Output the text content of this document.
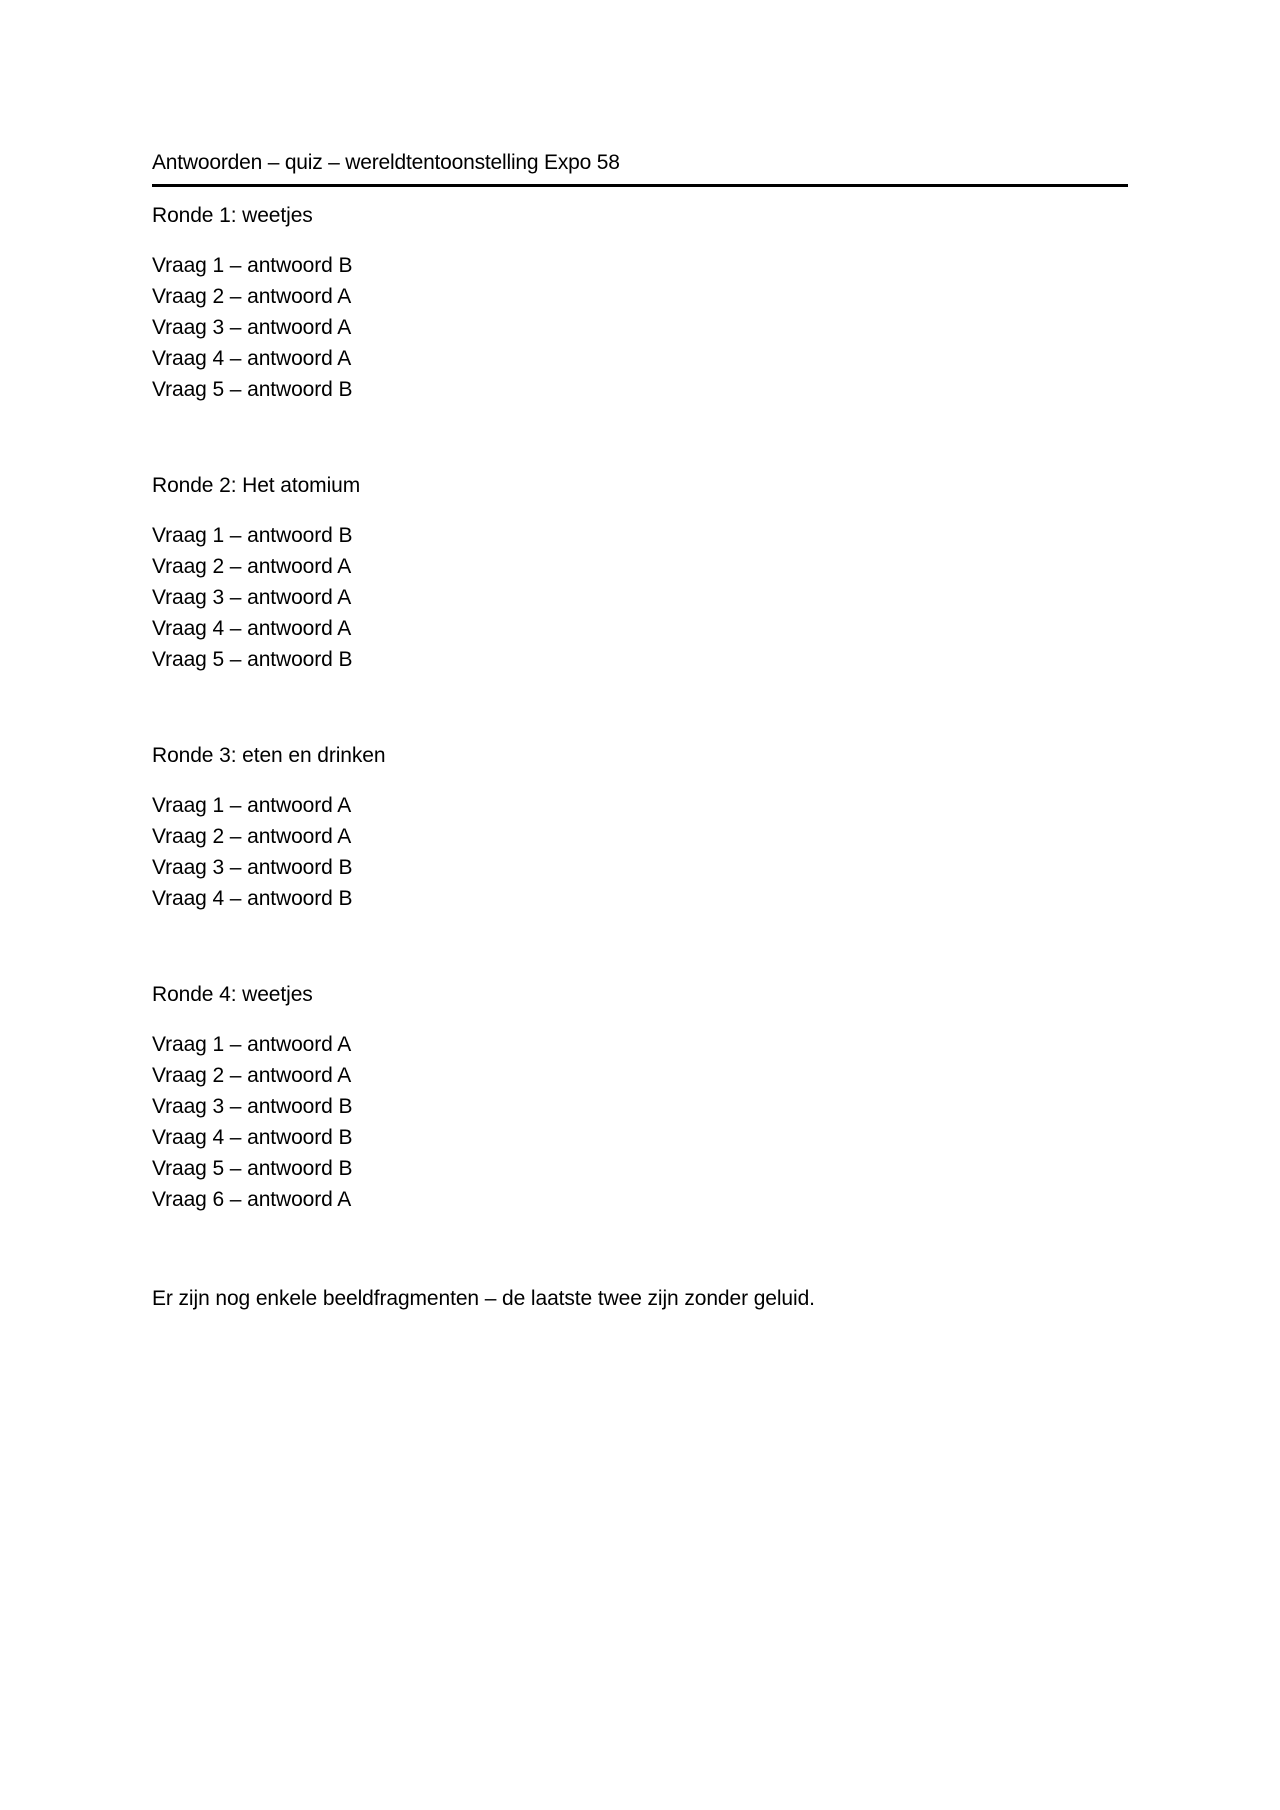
Antwoorden – quiz – wereldtentoonstelling Expo 58
Ronde 1: weetjes
Vraag 1 – antwoord B
Vraag 2 – antwoord A
Vraag 3 – antwoord A
Vraag 4 – antwoord A
Vraag 5 – antwoord B
Ronde 2: Het atomium
Vraag 1 – antwoord B
Vraag 2 – antwoord A
Vraag 3 – antwoord A
Vraag 4 – antwoord A
Vraag 5 – antwoord B
Ronde 3: eten en drinken
Vraag 1 – antwoord A
Vraag 2 – antwoord A
Vraag 3 – antwoord B
Vraag 4 – antwoord B
Ronde 4: weetjes
Vraag 1 – antwoord A
Vraag 2 – antwoord A
Vraag 3 – antwoord B
Vraag 4 – antwoord B
Vraag 5 – antwoord B
Vraag 6 – antwoord A

Er zijn nog enkele beeldfragmenten – de laatste twee zijn zonder geluid.
